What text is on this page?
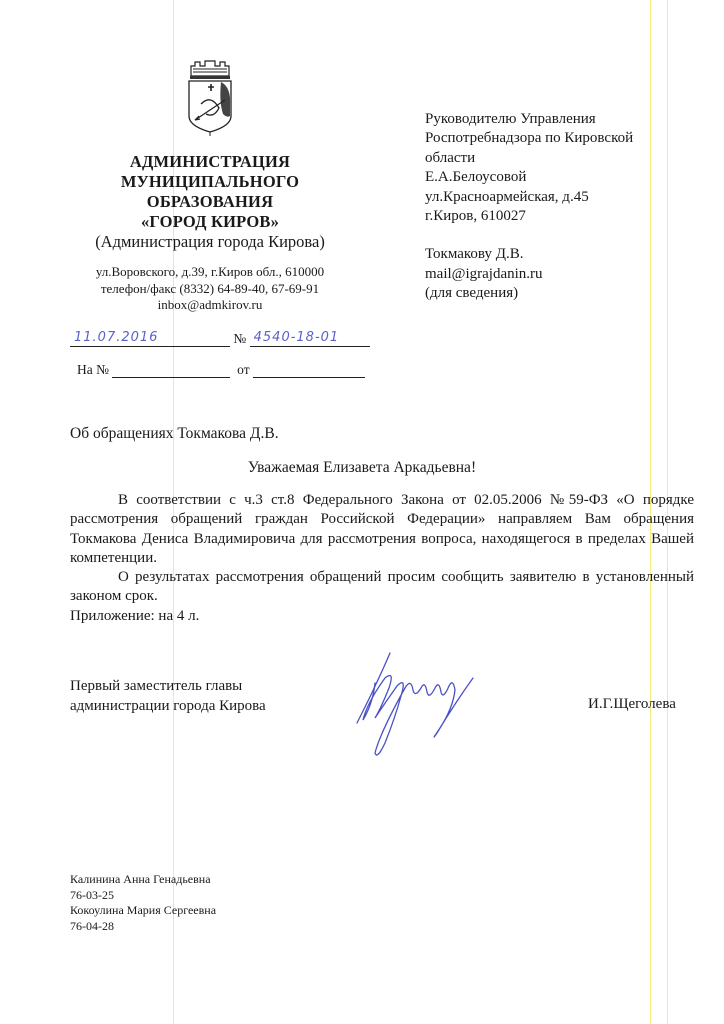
АДМИНИСТРАЦИЯ
МУНИЦИПАЛЬНОГО
ОБРАЗОВАНИЯ
«ГОРОД КИРОВ»
(Администрация города Кирова)
ул.Воровского, д.39, г.Киров обл., 610000
телефон/факс (8332) 64-89-40, 67-69-91
inbox@admkirov.ru
11.07.2016	№ 4540-18-01
На №	от
Руководителю Управления
Роспотребнадзора по Кировской
области
Е.А.Белоусовой
ул.Красноармейская, д.45
г.Киров, 610027
Токмакову Д.В.
mail@igrajdanin.ru
(для сведения)
Об обращениях Токмакова Д.В.
Уважаемая Елизавета Аркадьевна!

В соответствии с ч.3 ст.8 Федерального Закона от 02.05.2006 №59-ФЗ «О порядке рассмотрения обращений граждан Российской Федерации» направляем Вам обращения Токмакова Дениса Владимировича для рассмотрения вопроса, находящегося в пределах Вашей компетенции.

О результатах рассмотрения обращений просим сообщить заявителю в установленный законом срок.

Приложение: на 4 л.

Первый заместитель главы
администрации города Кирова	И.Г.Щеголева
Калинина Анна Генадьевна
76-03-25
Кокоулина Мария Сергеевна
76-04-28
